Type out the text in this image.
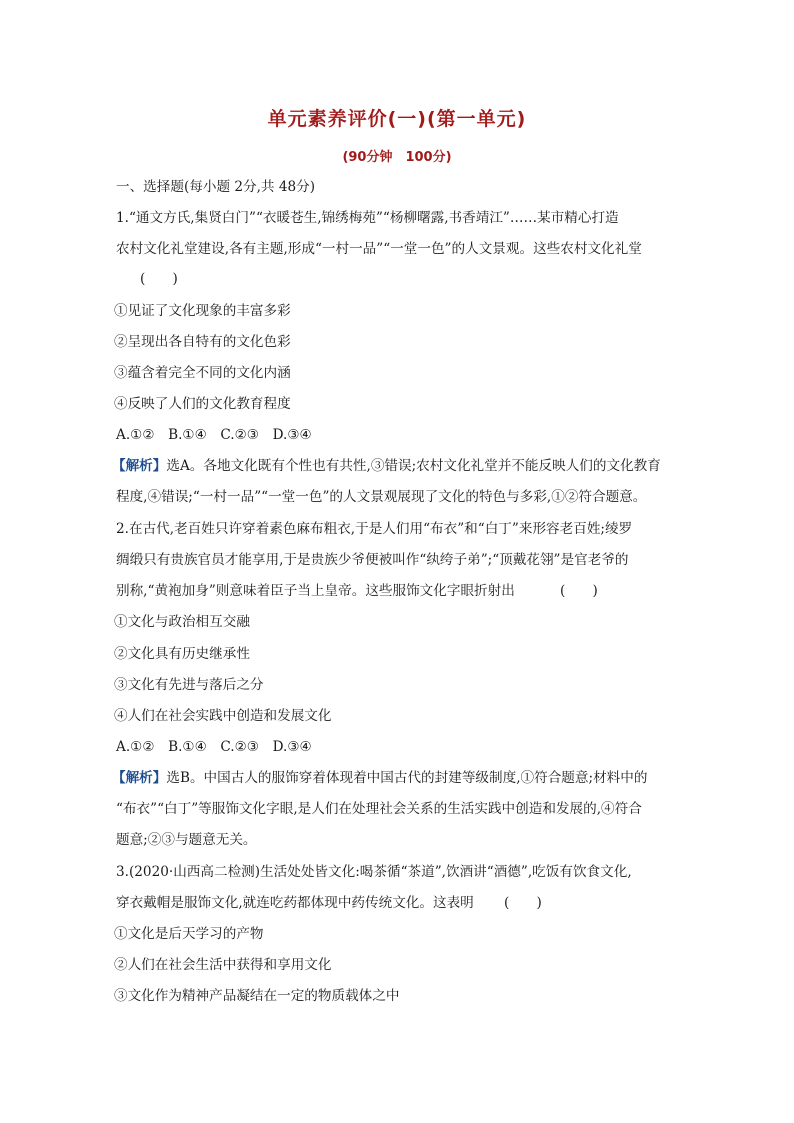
单元素养评价(一)(第一单元)
(90分钟　100分)
一、选择题(每小题 2分,共 48分)
1.“通文方氏,集贤白门”“衣暖苍生,锦绣梅苑”“杨柳曙露,书香靖江”……某市精心打造
农村文化礼堂建设,各有主题,形成“一村一品”“一堂一色”的人文景观。这些农村文化礼堂
(　　)
①见证了文化现象的丰富多彩
②呈现出各自特有的文化色彩
③蕴含着完全不同的文化内涵
④反映了人们的文化教育程度
A.①②　B.①④　C.②③　D.③④
【解析】选A。各地文化既有个性也有共性,③错误;农村文化礼堂并不能反映人们的文化教育
程度,④错误;“一村一品”“一堂一色”的人文景观展现了文化的特色与多彩,①②符合题意。
2.在古代,老百姓只许穿着素色麻布粗衣,于是人们用“布衣”和“白丁”来形容老百姓;绫罗
绸缎只有贵族官员才能享用,于是贵族少爷便被叫作“纨绔子弟”;“顶戴花翎”是官老爷的
别称,“黄袍加身”则意味着臣子当上皇帝。这些服饰文化字眼折射出	(　　)
①文化与政治相互交融
②文化具有历史继承性
③文化有先进与落后之分
④人们在社会实践中创造和发展文化
A.①②　B.①④　C.②③　D.③④
【解析】选B。中国古人的服饰穿着体现着中国古代的封建等级制度,①符合题意;材料中的
“布衣”“白丁”等服饰文化字眼,是人们在处理社会关系的生活实践中创造和发展的,④符合
题意;②③与题意无关。
3.(2020·山西高二检测)生活处处皆文化:喝茶循“茶道”,饮酒讲“酒德”,吃饭有饮食文化,
穿衣戴帽是服饰文化,就连吃药都体现中药传统文化。这表明 (　　)
①文化是后天学习的产物
②人们在社会生活中获得和享用文化
③文化作为精神产品凝结在一定的物质载体之中
